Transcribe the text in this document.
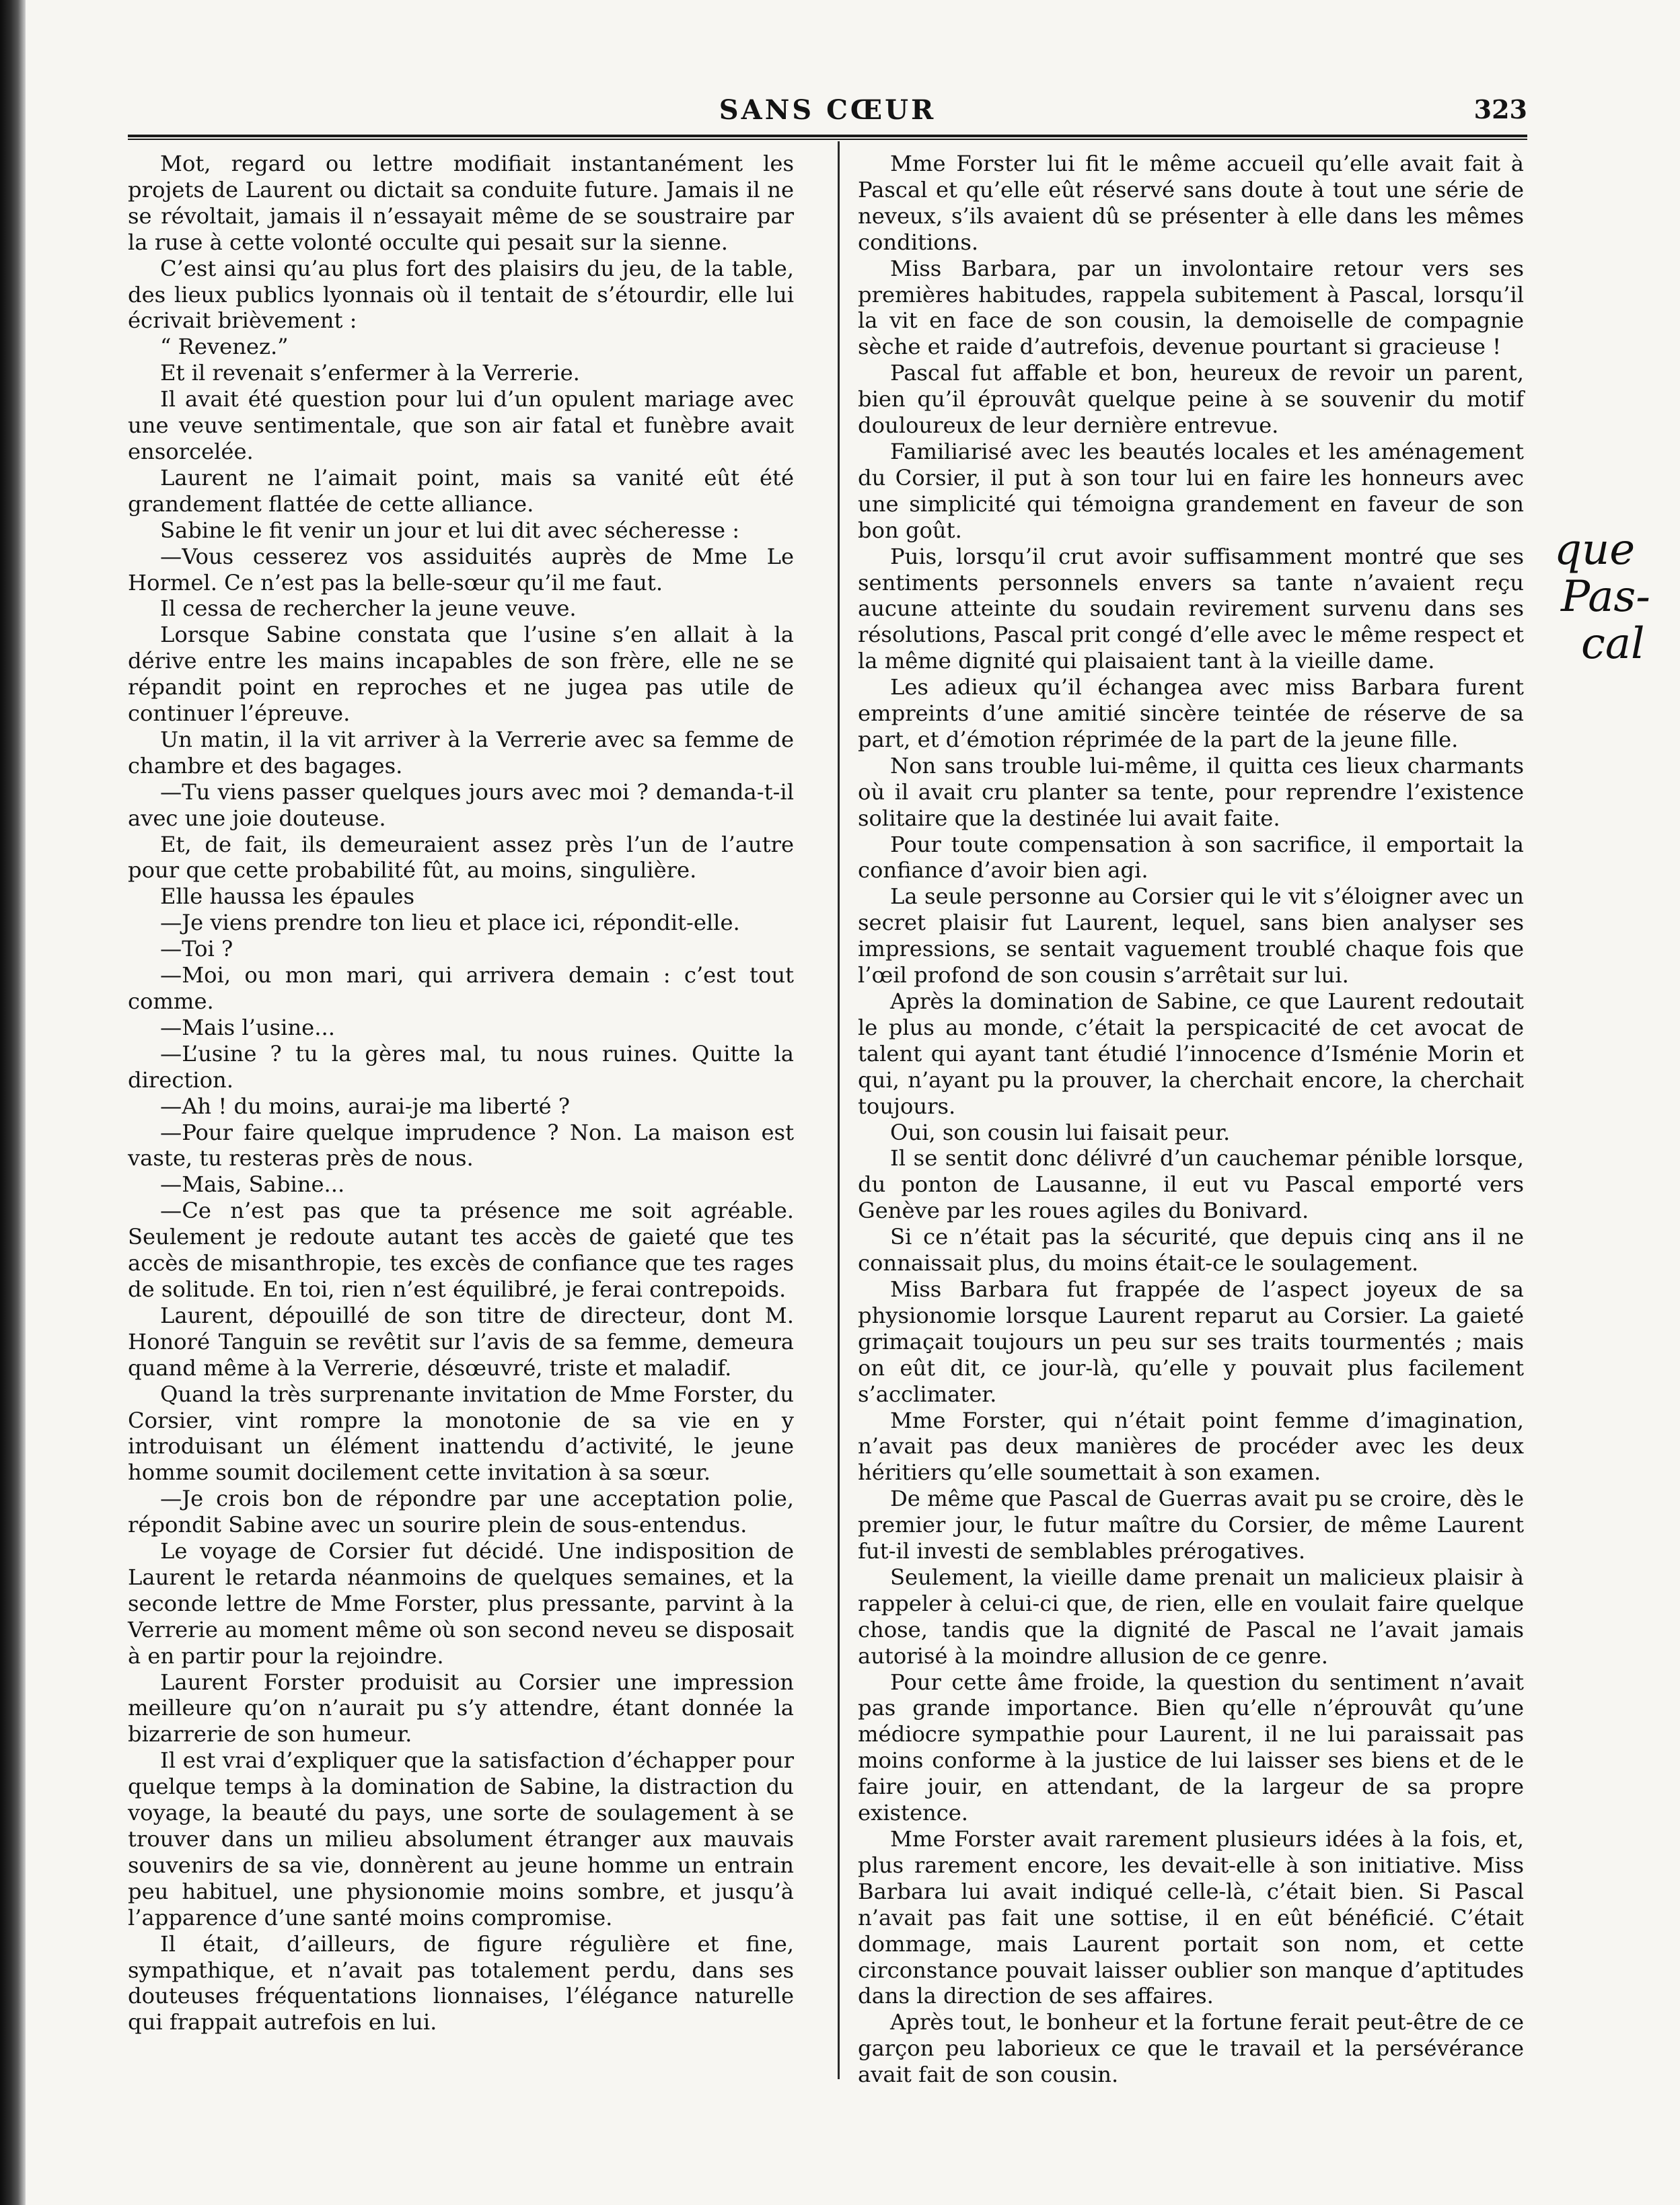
SANS CŒUR	323

Mot, regard ou lettre modifiait instantanément les projets de Laurent ou dictait sa conduite future. Jamais il ne se révoltait, jamais il n’essayait même de se soustraire par la ruse à cette volonté occulte qui pesait sur la sienne.

C’est ainsi qu’au plus fort des plaisirs du jeu, de la table, des lieux publics lyonnais où il tentait de s’étourdir, elle lui écrivait brièvement :

“ Revenez.”

Et il revenait s’enfermer à la Verrerie.

Il avait été question pour lui d’un opulent mariage avec une veuve sentimentale, que son air fatal et funèbre avait ensorcelée.

Laurent ne l’aimait point, mais sa vanité eût été grandement flattée de cette alliance.

Sabine le fit venir un jour et lui dit avec sécheresse :

—Vous cesserez vos assiduités auprès de Mme Le Hormel. Ce n’est pas la belle-sœur qu’il me faut.

Il cessa de rechercher la jeune veuve.

Lorsque Sabine constata que l’usine s’en allait à la dérive entre les mains incapables de son frère, elle ne se répandit point en reproches et ne jugea pas utile de continuer l’épreuve.

Un matin, il la vit arriver à la Verrerie avec sa femme de chambre et des bagages.

—Tu viens passer quelques jours avec moi ? demanda-t-il avec une joie douteuse.

Et, de fait, ils demeuraient assez près l’un de l’autre pour que cette probabilité fût, au moins, singulière.

Elle haussa les épaules

—Je viens prendre ton lieu et place ici, répondit-elle.

—Toi ?

—Moi, ou mon mari, qui arrivera demain : c’est tout comme.

—Mais l’usine...

—L’usine ? tu la gères mal, tu nous ruines. Quitte la direction.

—Ah ! du moins, aurai-je ma liberté ?

—Pour faire quelque imprudence ? Non. La maison est vaste, tu resteras près de nous.

—Mais, Sabine...

—Ce n’est pas que ta présence me soit agréable. Seulement je redoute autant tes accès de gaieté que tes accès de misanthropie, tes excès de confiance que tes rages de solitude. En toi, rien n’est équilibré, je ferai contrepoids.

Laurent, dépouillé de son titre de directeur, dont M. Honoré Tanguin se revêtit sur l’avis de sa femme, demeura quand même à la Verrerie, désœuvré, triste et maladif.

Quand la très surprenante invitation de Mme Forster, du Corsier, vint rompre la monotonie de sa vie en y introduisant un élément inattendu d’activité, le jeune homme soumit docilement cette invitation à sa sœur.

—Je crois bon de répondre par une acceptation polie, répondit Sabine avec un sourire plein de sous-entendus.

Le voyage de Corsier fut décidé. Une indisposition de Laurent le retarda néanmoins de quelques semaines, et la seconde lettre de Mme Forster, plus pressante, parvint à la Verrerie au moment même où son second neveu se disposait à en partir pour la rejoindre.

Laurent Forster produisit au Corsier une impression meilleure qu’on n’aurait pu s’y attendre, étant donnée la bizarrerie de son humeur.

Il est vrai d’expliquer que la satisfaction d’échapper pour quelque temps à la domination de Sabine, la distraction du voyage, la beauté du pays, une sorte de soulagement à se trouver dans un milieu absolument étranger aux mauvais souvenirs de sa vie, donnèrent au jeune homme un entrain peu habituel, une physionomie moins sombre, et jusqu’à l’apparence d’une santé moins compromise.

Il était, d’ailleurs, de figure régulière et fine, sympathique, et n’avait pas totalement perdu, dans ses douteuses fréquentations lionnaises, l’élégance naturelle qui frappait autrefois en lui.

Mme Forster lui fit le même accueil qu’elle avait fait à Pascal et qu’elle eût réservé sans doute à tout une série de neveux, s’ils avaient dû se présenter à elle dans les mêmes conditions.

Miss Barbara, par un involontaire retour vers ses premières habitudes, rappela subitement à Pascal, lorsqu’il la vit en face de son cousin, la demoiselle de compagnie sèche et raide d’autrefois, devenue pourtant si gracieuse !

Pascal fut affable et bon, heureux de revoir un parent, bien qu’il éprouvât quelque peine à se souvenir du motif douloureux de leur dernière entrevue.

Familiarisé avec les beautés locales et les aménagement du Corsier, il put à son tour lui en faire les honneurs avec une simplicité qui témoigna grandement en faveur de son bon goût.

Puis, lorsqu’il crut avoir suffisamment montré que ses sentiments personnels envers sa tante n’avaient reçu aucune atteinte du soudain revirement survenu dans ses résolutions, Pascal prit congé d’elle avec le même respect et la même dignité qui plaisaient tant à la vieille dame.

Les adieux qu’il échangea avec miss Barbara furent empreints d’une amitié sincère teintée de réserve de sa part, et d’émotion réprimée de la part de la jeune fille.

Non sans trouble lui-même, il quitta ces lieux charmants où il avait cru planter sa tente, pour reprendre l’existence solitaire que la destinée lui avait faite.

Pour toute compensation à son sacrifice, il emportait la confiance d’avoir bien agi.

La seule personne au Corsier qui le vit s’éloigner avec un secret plaisir fut Laurent, lequel, sans bien analyser ses impressions, se sentait vaguement troublé chaque fois que l’œil profond de son cousin s’arrêtait sur lui.

Après la domination de Sabine, ce que Laurent redoutait le plus au monde, c’était la perspicacité de cet avocat de talent qui ayant tant étudié l’innocence d’Isménie Morin et qui, n’ayant pu la prouver, la cherchait encore, la cherchait toujours.

Oui, son cousin lui faisait peur.

Il se sentit donc délivré d’un cauchemar pénible lorsque, du ponton de Lausanne, il eut vu Pascal emporté vers Genève par les roues agiles du Bonivard.

Si ce n’était pas la sécurité, que depuis cinq ans il ne connaissait plus, du moins était-ce le soulagement.

Miss Barbara fut frappée de l’aspect joyeux de sa physionomie lorsque Laurent reparut au Corsier. La gaieté grimaçait toujours un peu sur ses traits tourmentés ; mais on eût dit, ce jour-là, qu’elle y pouvait plus facilement s’acclimater.

Mme Forster, qui n’était point femme d’imagination, n’avait pas deux manières de procéder avec les deux héritiers qu’elle soumettait à son examen.

De même que Pascal de Guerras avait pu se croire, dès le premier jour, le futur maître du Corsier, de même Laurent fut-il investi de semblables prérogatives.

Seulement, la vieille dame prenait un malicieux plaisir à rappeler à celui-ci que, de rien, elle en voulait faire quelque chose, tandis que la dignité de Pascal ne l’avait jamais autorisé à la moindre allusion de ce genre.

Pour cette âme froide, la question du sentiment n’avait pas grande importance. Bien qu’elle n’éprouvât qu’une médiocre sympathie pour Laurent, il ne lui paraissait pas moins conforme à la justice de lui laisser ses biens et de le faire jouir, en attendant, de la largeur de sa propre existence.

Mme Forster avait rarement plusieurs idées à la fois, et, plus rarement encore, les devait-elle à son initiative. Miss Barbara lui avait indiqué celle-là, c’était bien. Si Pascal n’avait pas fait une sottise, il en eût bénéficié. C’était dommage, mais Laurent portait son nom, et cette circonstance pouvait laisser oublier son manque d’aptitudes dans la direction de ses affaires.

Après tout, le bonheur et la fortune ferait peut-être de ce garçon peu laborieux ce que le travail et la persévérance avait fait de son cousin.

que
Pas-
cal
